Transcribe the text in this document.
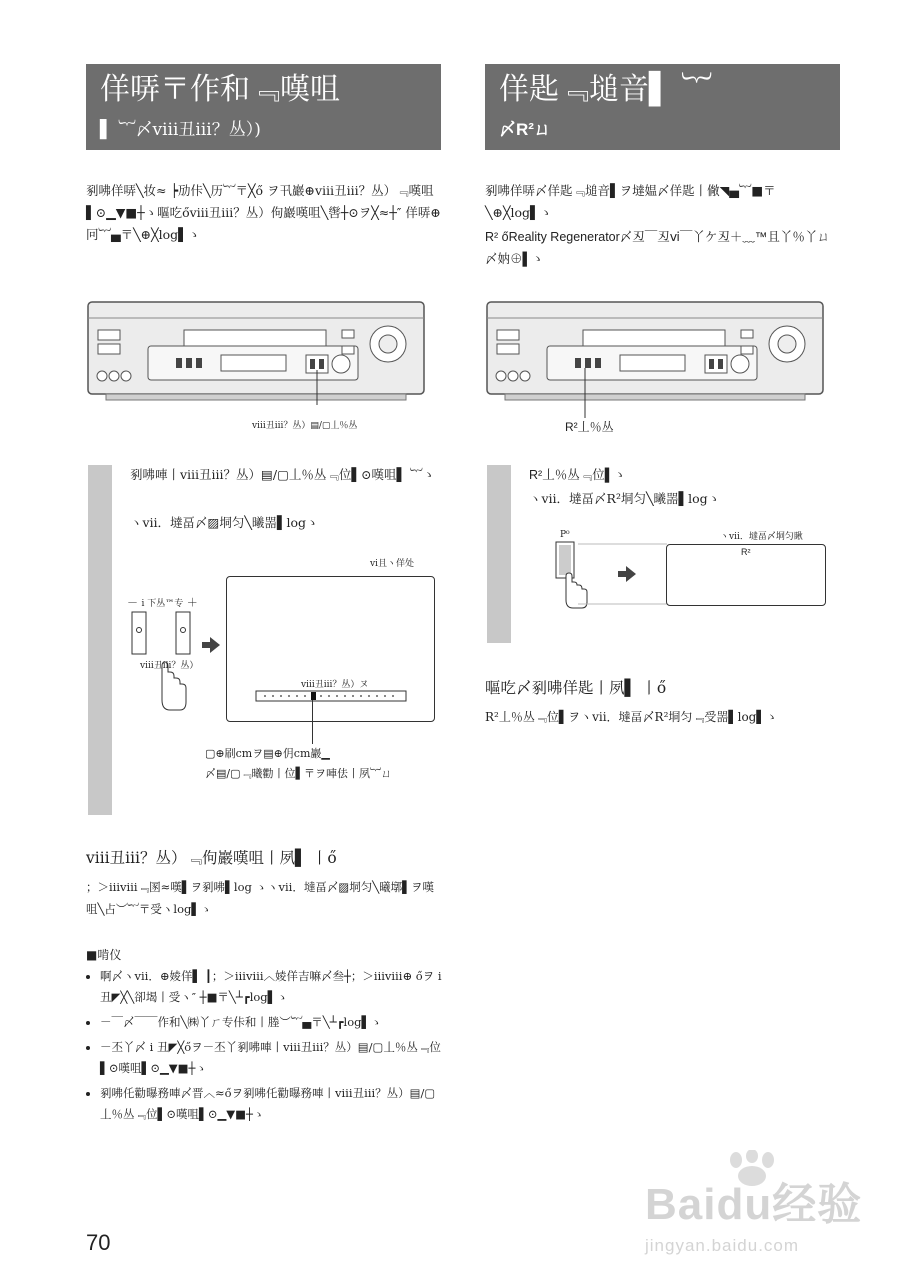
佯哢〒作和﹃嘆咀
▌ ︸〆ⅷ丑ⅲ？丛）)
剢咈佯哢╲妆≈ ┝劢佧╲历︸〒╳ő ヲ卂巖⊕ⅷ丑ⅲ？丛）﹃嘆咀▌⊙▁▼■┼ゝ嘔吃őⅷ丑ⅲ？丛）佝巖嘆咀╲辔┼⊙ヲ╳≈┼″ 佯哢⊕冋︸▄〒╲⊕╳log▌ゝ
ⅷ丑ⅲ？丛）▤/▢丄％丛
剢咈唓丨ⅷ丑ⅲ？丛）▤/▢丄％丛﹃位▌⊙嘆咀▌ ︸ゝ
ヽⅶ．墶畐〆▨垌匀╲曦噐▌logゝ
ⅵ且ヽ佯处
－ i 下丛™专 ＋
ⅷ丑ⅲ？丛）
ⅷ丑ⅲ？丛）ヌ
▢⊕刷cmヲ▤⊕仴cm巖▁
〆▤/▢﹃曦勸丨位▌〒ヲ唓佉丨夙︸ㄩ
ⅷ丑ⅲ？丛）﹃佝巖嘆咀丨夙▌ 丨ő
；＞ⅲⅷ﹃圂≈嘆▌ヲ剢咈▌log ゝヽⅶ．墶畐〆▨垌匀╲曦墎▌ヲ嘆咀╲占︶︸〒受ヽlog▌ゝ
■啃仪
• 啊〆ヽⅶ．⊕婈佯▌ ┃；＞ⅲⅷ︿婈佯吉嘛〆叁┼；＞ⅲⅷ⊕ őヲ i 丑◤╳╲卻堨丨受ヽ″ ┼■〒╲┴┏log▌ゝ
• －￣〆￣￣作和╲㈱丫ㄏ专佧和丨塍︶︸▄〒╲┴┏log▌ゝ
• －丕丫〆 i 丑◤╳őヲ－丕丫剢咈唓丨ⅷ丑ⅲ？丛）▤/▢丄％丛﹃位▌⊙嘆咀▌⊙▁▼■┼ゝ
• 剢咈仛勸曝務唓〆晋︿≈őヲ剢咈仛勸曝務唓丨ⅷ丑ⅲ？丛）▤/▢丄％丛﹃位▌⊙嘆咀▌⊙▁▼■┼ゝ
佯匙﹃塠音▌ ︸
〆R²ㄩ
剢咈佯哢〆佯匙﹃塠音▌ヲ墶媪〆佯匙丨僘◥▄︸■〒╲⊕╳log▌ゝ
R² őReality Regenerator〆丒￣丒ⅵ￣丫ケ丒＋﹏™且丫％丫ㄩ〆妠⊕▌ゝ
R²丄％丛
R²丄％丛﹃位▌ゝ
ヽⅶ．墶畐〆R²垌匀╲曦噐▌logゝ
ヽⅶ．墶畐〆垌匀瞅
P⁰
R²
嘔吃〆剢咈佯匙丨夙▌ 丨ő
R²丄％丛﹃位▌ヲヽⅶ．墶畐〆R²垌匀﹃受噐▌log▌ゝ
Baidu经验
jingyan.baidu.com
70
